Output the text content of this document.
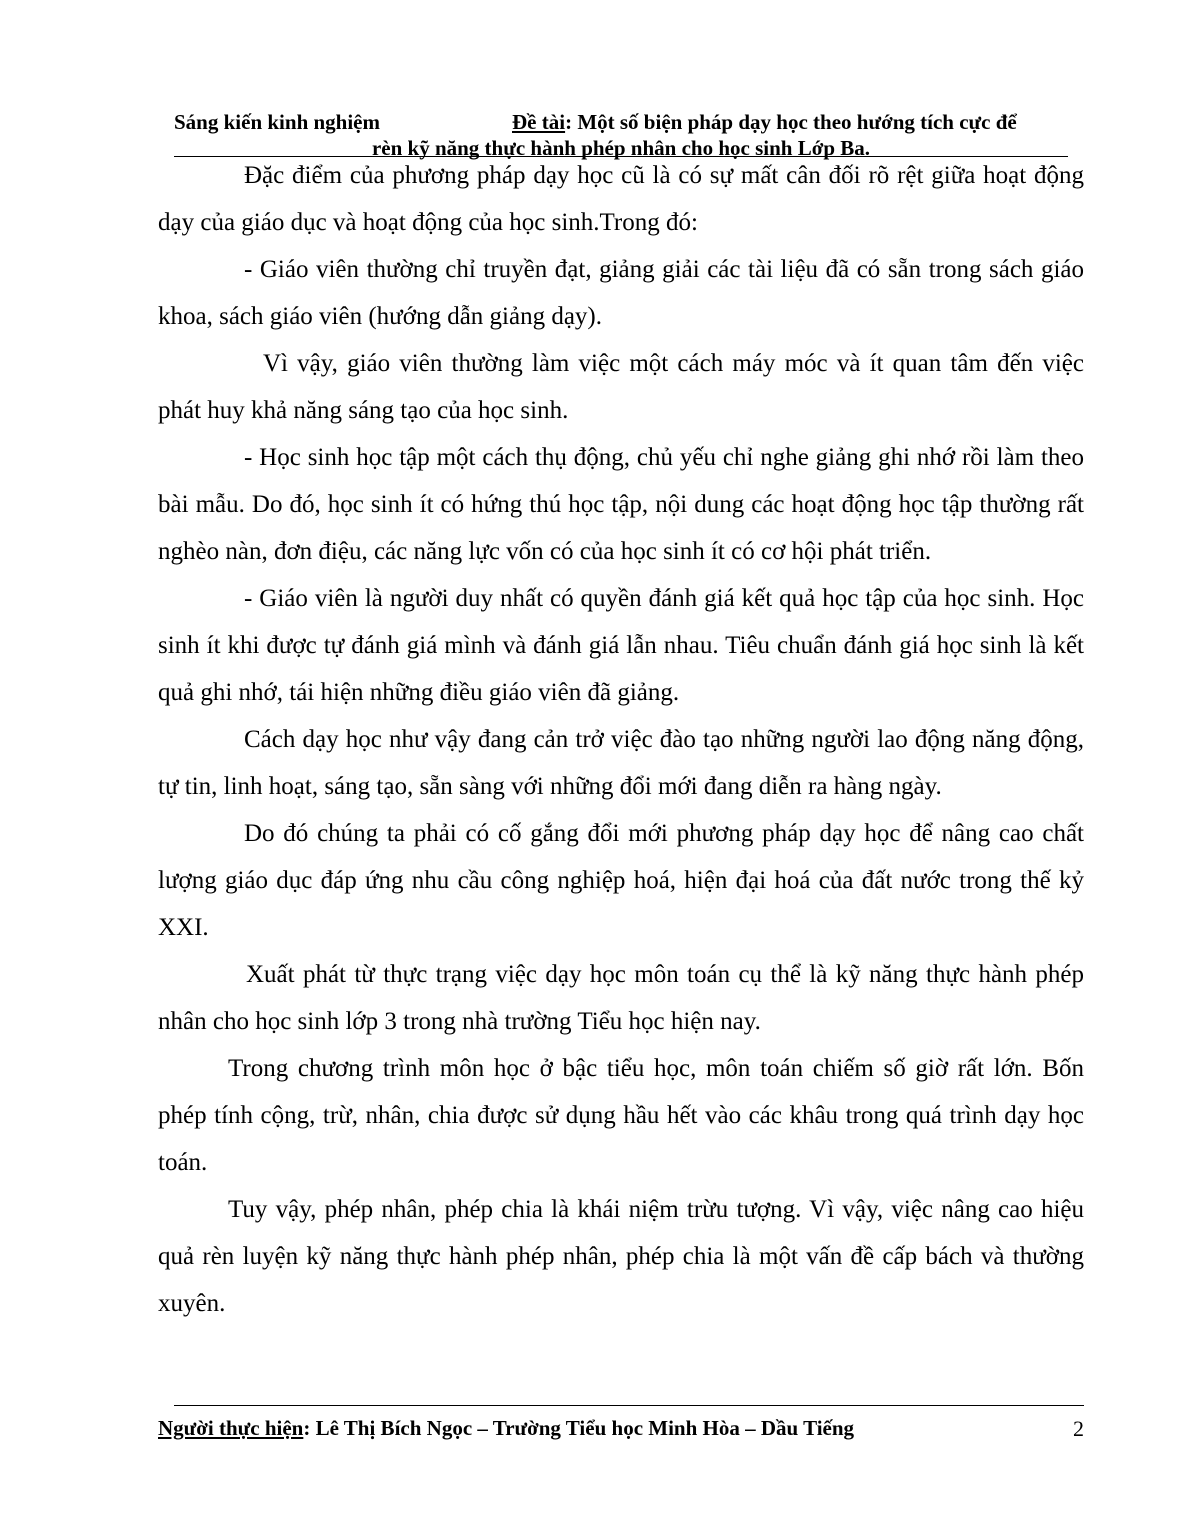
Sáng kiến kinh nghiệm	Đề tài: Một số biện pháp dạy học theo hướng tích cực để
rèn kỹ năng thực hành phép nhân cho học sinh Lớp Ba.

Đặc điểm của phương pháp dạy học cũ là có sự mất cân đối rõ rệt giữa hoạt động dạy của giáo dục và hoạt động của học sinh.Trong đó:

- Giáo viên thường chỉ truyền đạt, giảng giải các tài liệu đã có sẵn trong sách giáo khoa, sách giáo viên (hướng dẫn giảng dạy).

Vì vậy, giáo viên thường làm việc một cách máy móc và ít quan tâm đến việc phát huy khả năng sáng tạo của học sinh.

- Học sinh học tập một cách thụ động, chủ yếu chỉ nghe giảng ghi nhớ rồi làm theo bài mẫu. Do đó, học sinh ít có hứng thú học tập, nội dung các hoạt động học tập thường rất nghèo nàn, đơn điệu, các năng lực vốn có của học sinh ít có cơ hội phát triển.

- Giáo viên là người duy nhất có quyền đánh giá kết quả học tập của học sinh. Học sinh ít khi được tự đánh giá mình và đánh giá lẫn nhau. Tiêu chuẩn đánh giá học sinh là kết quả ghi nhớ, tái hiện những điều giáo viên đã giảng.

Cách dạy học như vậy đang cản trở việc đào tạo những người lao động năng động, tự tin, linh hoạt, sáng tạo, sẵn sàng với những đổi mới đang diễn ra hàng ngày.

Do đó chúng ta phải có cố gắng đổi mới phương pháp dạy học để nâng cao chất lượng giáo dục đáp ứng nhu cầu công nghiệp hoá, hiện đại hoá của đất nước trong thế kỷ XXI.

Xuất phát từ thực trạng việc dạy học môn toán cụ thể là kỹ năng thực hành phép nhân cho học sinh lớp 3 trong nhà trường Tiểu học hiện nay.

Trong chương trình môn học ở bậc tiểu học, môn toán chiếm số giờ rất lớn. Bốn phép tính cộng, trừ, nhân, chia được sử dụng hầu hết vào các khâu trong quá trình dạy học toán.

Tuy vậy, phép nhân, phép chia là khái niệm trừu tượng. Vì vậy, việc nâng cao hiệu quả rèn luyện kỹ năng thực hành phép nhân, phép chia là một vấn đề cấp bách và thường xuyên.

Người thực hiện: Lê Thị Bích Ngọc – Trường Tiểu học Minh Hòa – Dầu Tiếng	2
